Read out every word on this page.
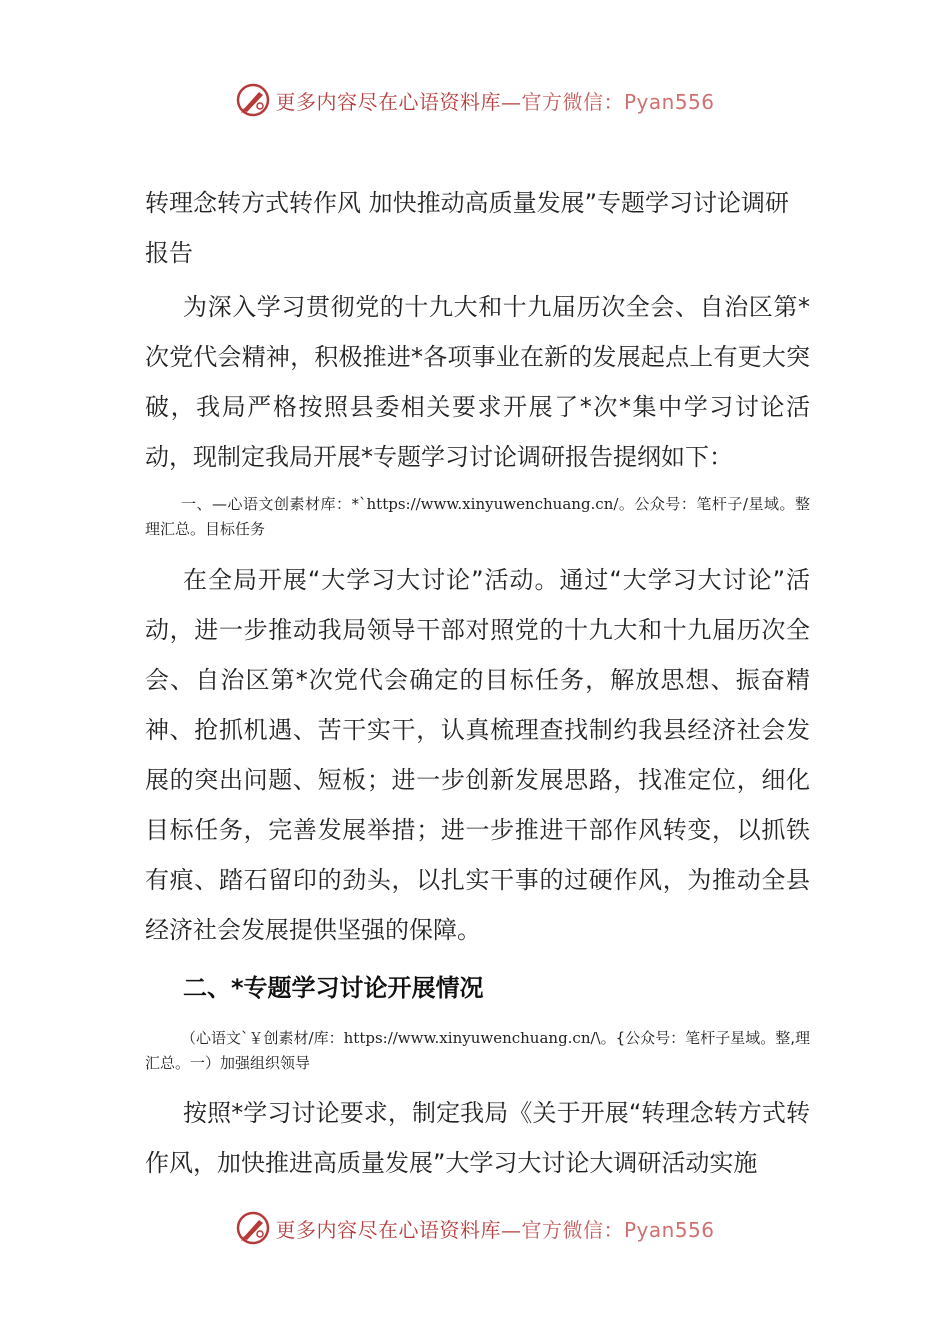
更多内容尽在心语资料库—官方微信：Pyan556
转理念转方式转作风 加快推动高质量发展”专题学习讨论调研报告
为深入学习贯彻党的十九大和十九届历次全会、自治区第*次党代会精神，积极推进*各项事业在新的发展起点上有更大突破，我局严格按照县委相关要求开展了*次*集中学习讨论活动，现制定我局开展*专题学习讨论调研报告提纲如下：
一、—心语文创素材库：*`https://www.xinyuwenchuang.cn/。公众号：笔杆子/星域。整理汇总。目标任务
在全局开展“大学习大讨论”活动。通过“大学习大讨论”活动，进一步推动我局领导干部对照党的十九大和十九届历次全会、自治区第*次党代会确定的目标任务，解放思想、振奋精神、抢抓机遇、苦干实干，认真梳理查找制约我县经济社会发展的突出问题、短板；进一步创新发展思路，找准定位，细化目标任务，完善发展举措；进一步推进干部作风转变，以抓铁有痕、踏石留印的劲头，以扎实干事的过硬作风，为推动全县经济社会发展提供坚强的保障。
二、*专题学习讨论开展情况
（心语文`￥创素材/库：https://www.xinyuwenchuang.cn/\。{公众号：笔杆子星域。整,理汇总。一）加强组织领导
按照*学习讨论要求，制定我局《关于开展“转理念转方式转作风，加快推进高质量发展”大学习大讨论大调研活动实施
更多内容尽在心语资料库—官方微信：Pyan556
